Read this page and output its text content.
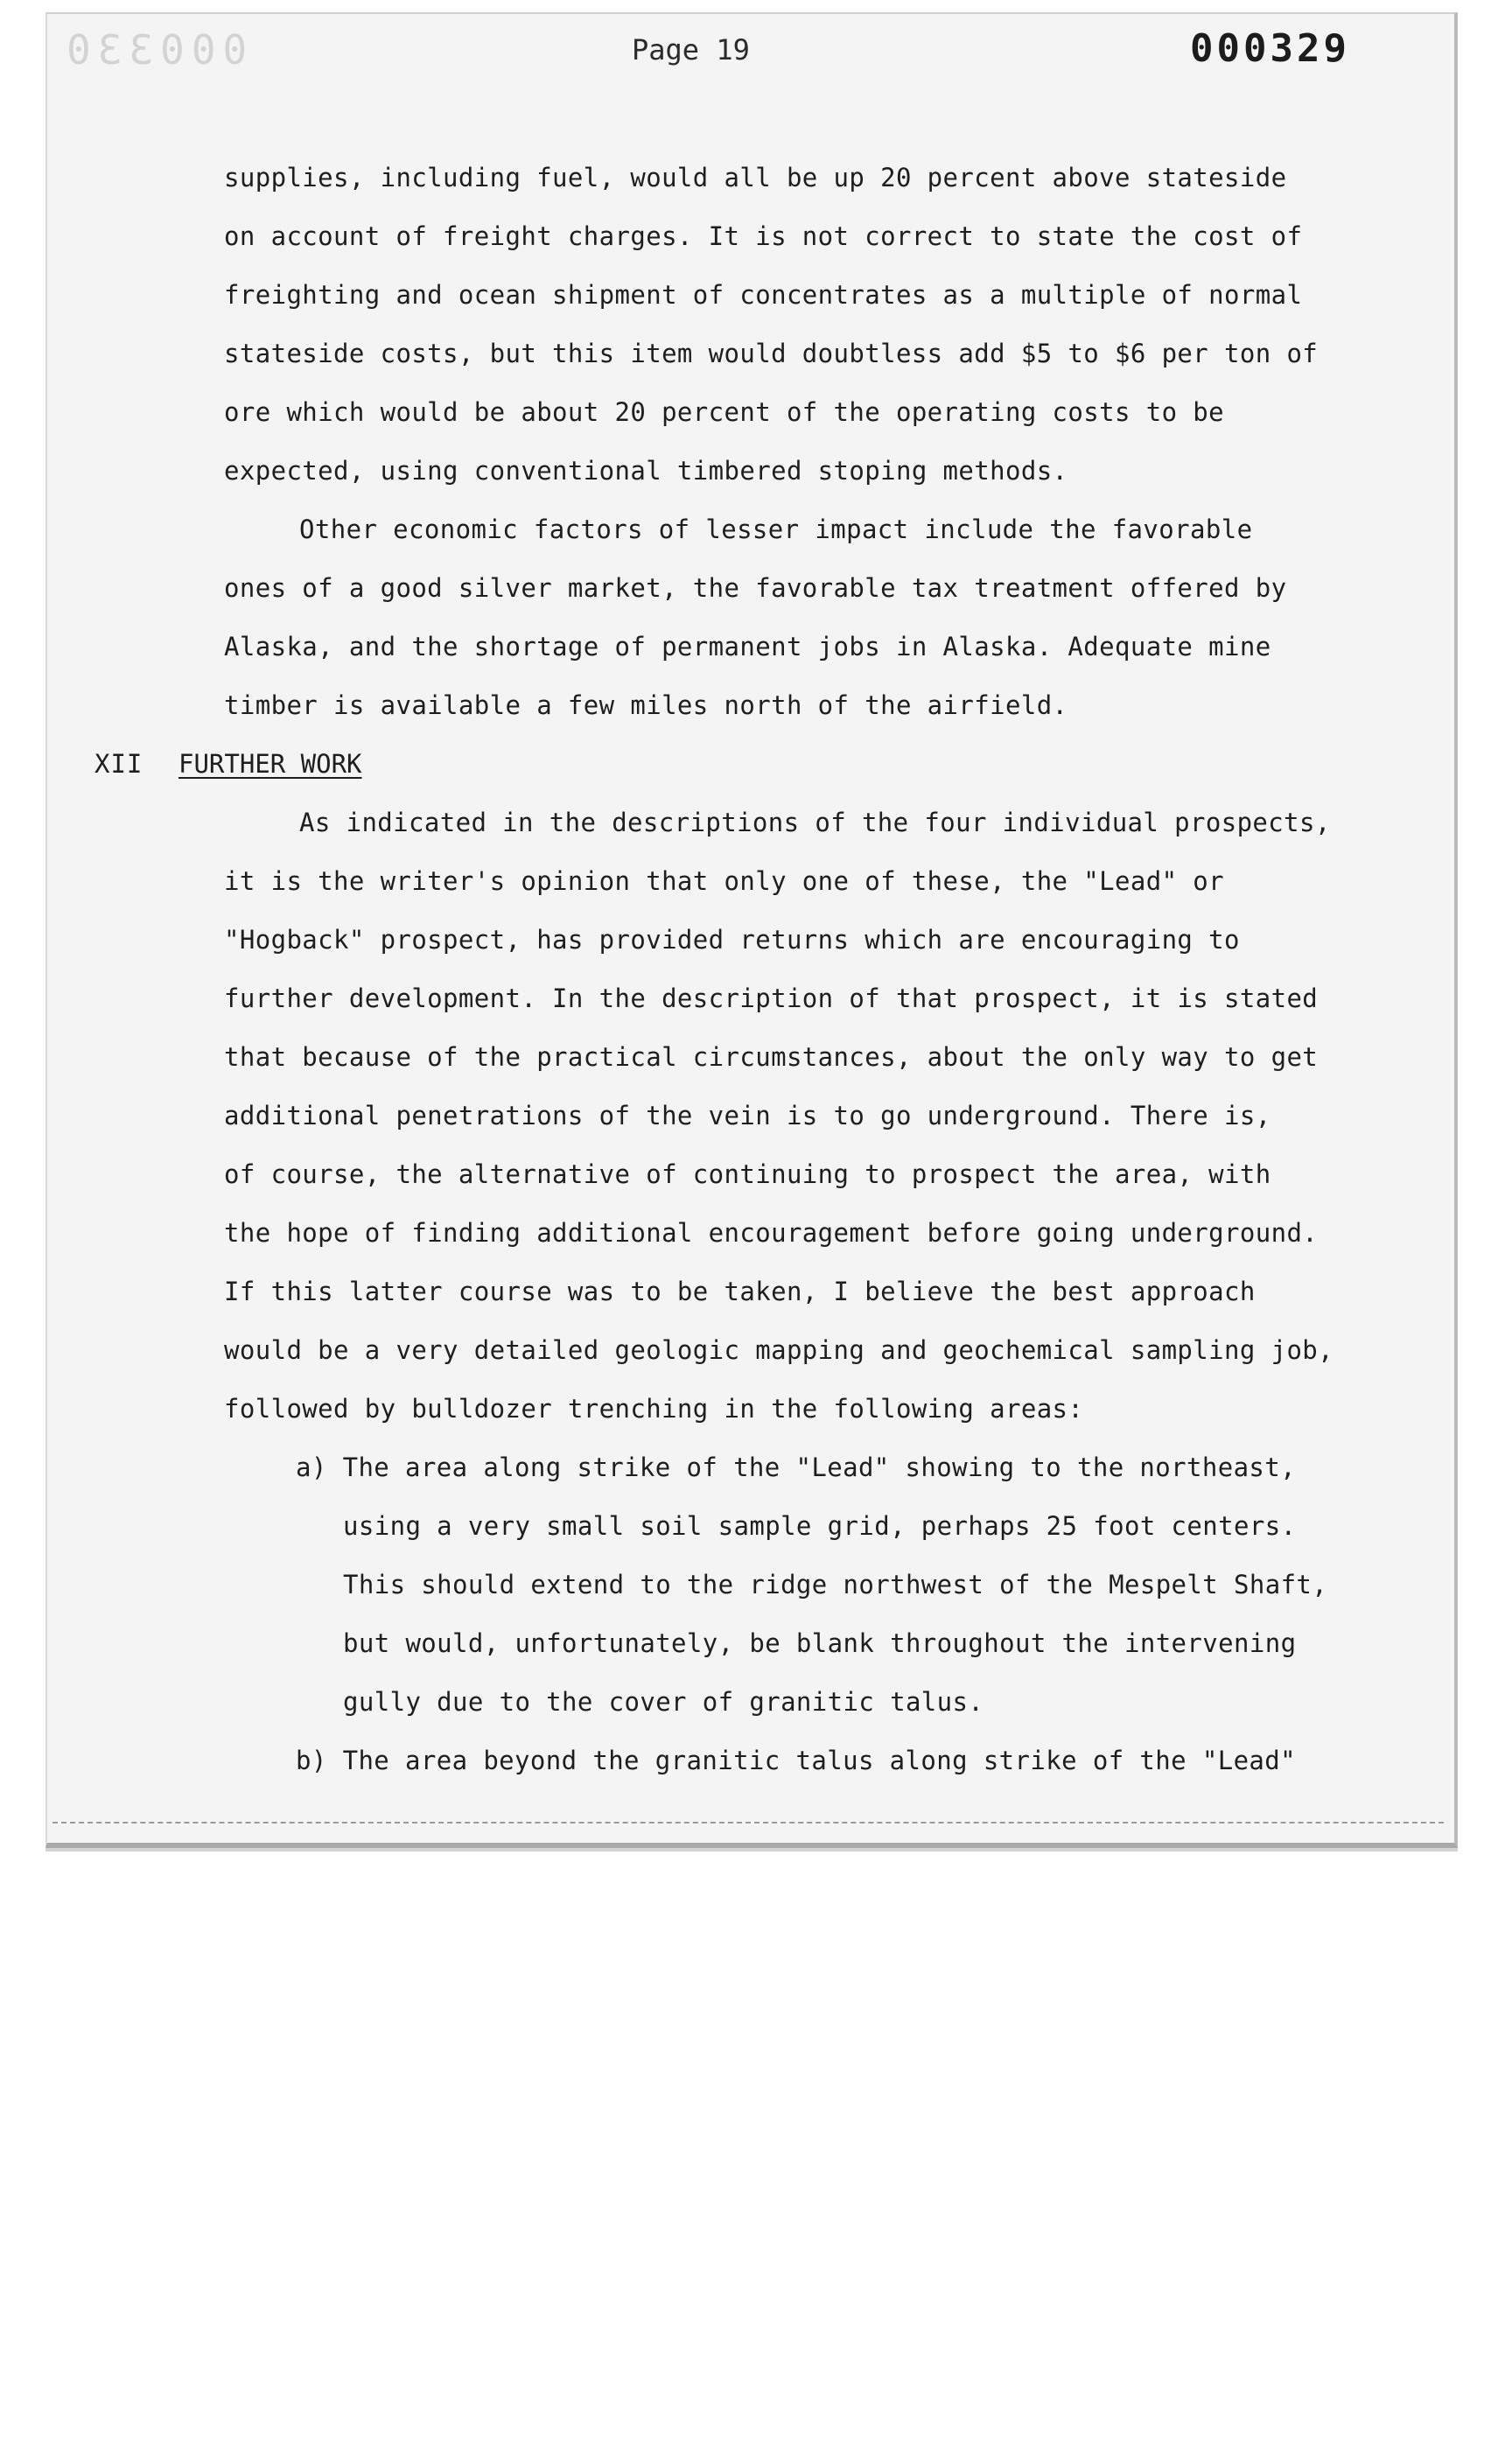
000330	Page 19	000329
supplies, including fuel, would all be up 20 percent above stateside
on account of freight charges. It is not correct to state the cost of
freighting and ocean shipment of concentrates as a multiple of normal
stateside costs, but this item would doubtless add $5 to $6 per ton of
ore which would be about 20 percent of the operating costs to be
expected, using conventional timbered stoping methods.
Other economic factors of lesser impact include the favorable
ones of a good silver market, the favorable tax treatment offered by
Alaska, and the shortage of permanent jobs in Alaska. Adequate mine
timber is available a few miles north of the airfield.
XII FURTHER WORK
As indicated in the descriptions of the four individual prospects,
it is the writer's opinion that only one of these, the "Lead" or
"Hogback" prospect, has provided returns which are encouraging to
further development. In the description of that prospect, it is stated
that because of the practical circumstances, about the only way to get
additional penetrations of the vein is to go underground. There is,
of course, the alternative of continuing to prospect the area, with
the hope of finding additional encouragement before going underground.
If this latter course was to be taken, I believe the best approach
would be a very detailed geologic mapping and geochemical sampling job,
followed by bulldozer trenching in the following areas:
a) The area along strike of the "Lead" showing to the northeast,
using a very small soil sample grid, perhaps 25 foot centers.
This should extend to the ridge northwest of the Mespelt Shaft,
but would, unfortunately, be blank throughout the intervening
gully due to the cover of granitic talus.
b) The area beyond the granitic talus along strike of the "Lead"
